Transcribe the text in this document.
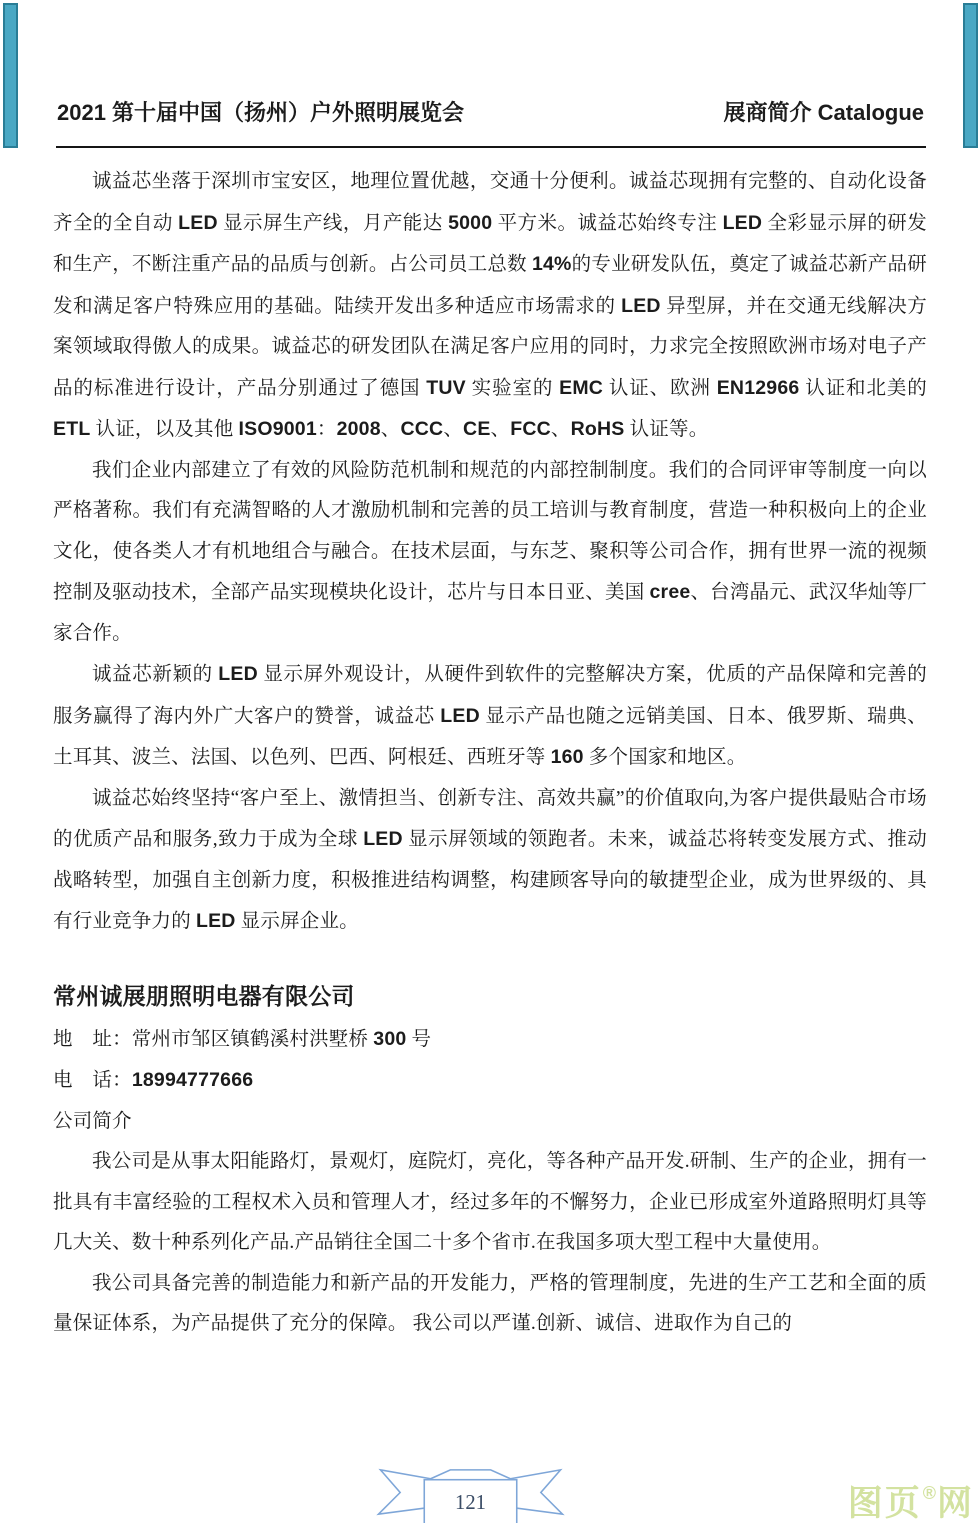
2021 第十届中国（扬州）户外照明展览会	展商简介 Catalogue

诚益芯坐落于深圳市宝安区，地理位置优越，交通十分便利。诚益芯现拥有完整的、自动化设备齐全的全自动 LED 显示屏生产线，月产能达 5000 平方米。诚益芯始终专注 LED 全彩显示屏的研发和生产，不断注重产品的品质与创新。占公司员工总数 14%的专业研发队伍，奠定了诚益芯新产品研发和满足客户特殊应用的基础。陆续开发出多种适应市场需求的 LED 异型屏，并在交通无线解决方案领域取得傲人的成果。诚益芯的研发团队在满足客户应用的同时，力求完全按照欧洲市场对电子产品的标准进行设计，产品分别通过了德国 TUV 实验室的 EMC 认证、欧洲 EN12966 认证和北美的 ETL 认证，以及其他 ISO9001：2008、CCC、CE、FCC、RoHS 认证等。

我们企业内部建立了有效的风险防范机制和规范的内部控制制度。我们的合同评审等制度一向以严格著称。我们有充满智略的人才激励机制和完善的员工培训与教育制度，营造一种积极向上的企业文化，使各类人才有机地组合与融合。在技术层面，与东芝、聚积等公司合作，拥有世界一流的视频控制及驱动技术，全部产品实现模块化设计，芯片与日本日亚、美国 cree、台湾晶元、武汉华灿等厂家合作。

诚益芯新颖的 LED 显示屏外观设计，从硬件到软件的完整解决方案，优质的产品保障和完善的服务赢得了海内外广大客户的赞誉，诚益芯 LED 显示产品也随之远销美国、日本、俄罗斯、瑞典、土耳其、波兰、法国、以色列、巴西、阿根廷、西班牙等 160 多个国家和地区。

诚益芯始终坚持“客户至上、激情担当、创新专注、高效共赢”的价值取向,为客户提供最贴合市场的优质产品和服务,致力于成为全球 LED 显示屏领域的领跑者。未来，诚益芯将转变发展方式、推动战略转型，加强自主创新力度，积极推进结构调整，构建顾客导向的敏捷型企业，成为世界级的、具有行业竞争力的 LED 显示屏企业。

常州诚展朋照明电器有限公司

地　址：常州市邹区镇鹤溪村洪墅桥 300 号

电　话：18994777666

公司简介

我公司是从事太阳能路灯，景观灯，庭院灯，亮化，等各种产品开发.研制、生产的企业，拥有一批具有丰富经验的工程权术入员和管理人才，经过多年的不懈努力，企业已形成室外道路照明灯具等几大关、数十种系列化产品.产品销往全国二十多个省市.在我国多项大型工程中大量使用。

我公司具备完善的制造能力和新产品的开发能力，严格的管理制度，先进的生产工艺和全面的质量保证体系，为产品提供了充分的保障。 我公司以严谨.创新、诚信、进取作为自己的

121	图页®网
